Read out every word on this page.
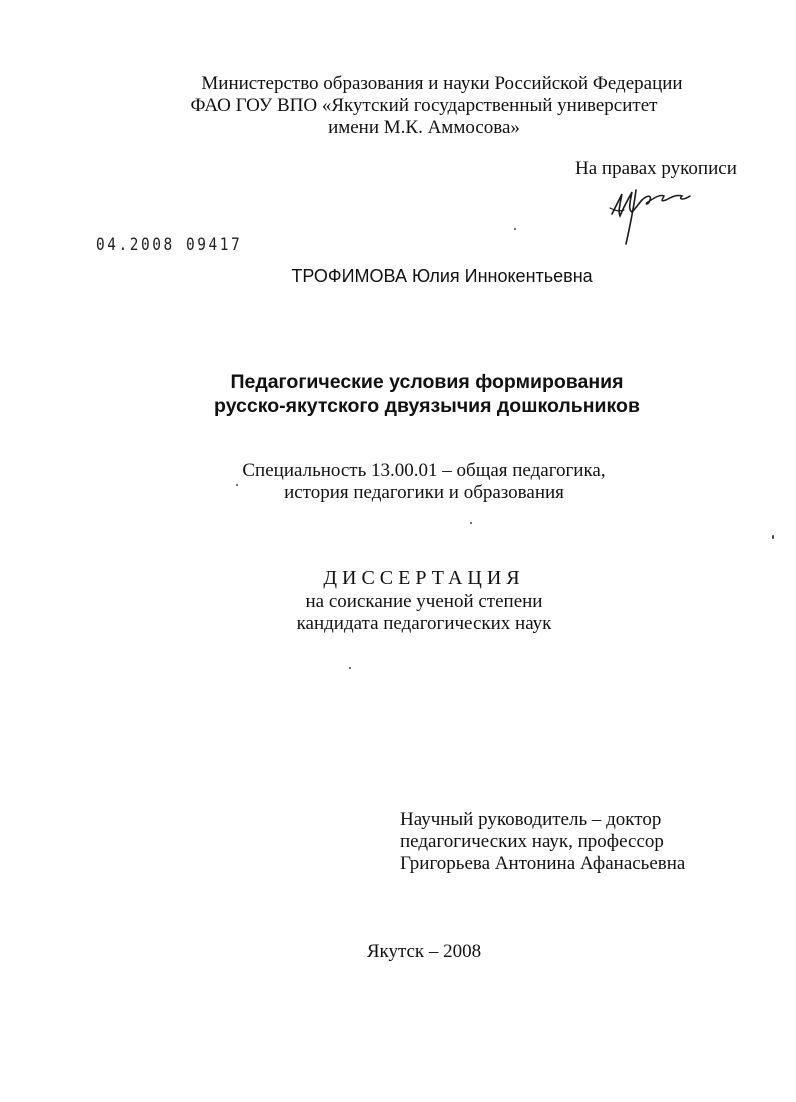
Министерство образования и науки Российской Федерации
ФАО ГОУ ВПО «Якутский государственный университет
имени М.К. Аммосова»
На правах рукописи
04.2008 09417
ТРОФИМОВА Юлия Иннокентьевна
Педагогические условия формирования
русско-якутского двуязычия дошкольников
Специальность 13.00.01 – общая педагогика,
история педагогики и образования
ДИССЕРТАЦИЯ
на соискание ученой степени
кандидата педагогических наук
Научный руководитель – доктор
педагогических наук, профессор
Григорьева Антонина Афанасьевна
Якутск – 2008
